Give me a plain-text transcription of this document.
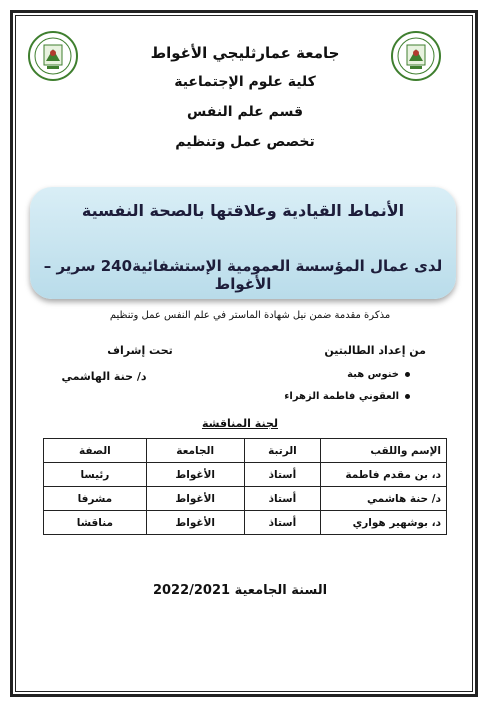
جامعة عمارثليجي الأغواط
كلية علوم الإجتماعية
قسم علم النفس
تخصص عمل وتنظيم
الأنماط القيادية وعلاقتها بالصحة النفسية
لدى عمال المؤسسة العمومية الإستشفائية240 سرير – الأغواط
مذكرة مقدمة ضمن نيل شهادة الماستر في علم النفس عمل وتنظيم
من إعداد الطالبتين
تحت إشراف
د/ حنة الهاشمي	خنوس هبة
العقوني فاطمة الزهراء
لجنة المناقشة
الإسم واللقب	الرتبة	الجامعة	الصفة
د، بن مقدم فاطمة	أستاذ	الأغواط	رئيسا
د/ حنة هاشمي	أستاذ	الأغواط	مشرفا
د، بوشهير هواري	أستاذ	الأغواط	مناقشا
السنة الجامعية 2022/2021
